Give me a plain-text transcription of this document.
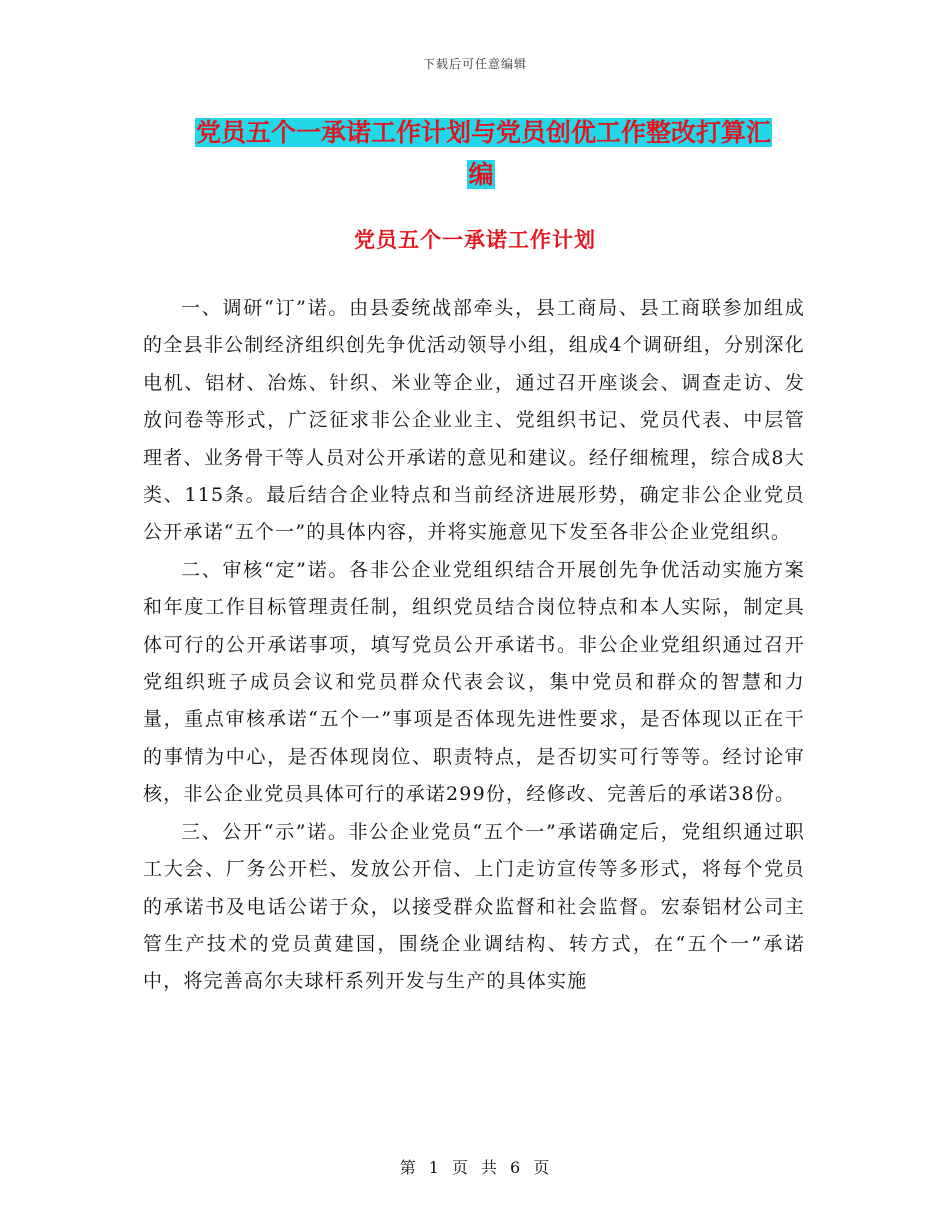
下载后可任意编辑
党员五个一承诺工作计划与党员创优工作整改打算汇
编
党员五个一承诺工作计划

一、调研“订”诺。由县委统战部牵头，县工商局、县工商联参加组成的全县非公制经济组织创先争优活动领导小组，组成4个调研组，分别深化电机、铝材、冶炼、针织、米业等企业，通过召开座谈会、调查走访、发放问卷等形式，广泛征求非公企业业主、党组织书记、党员代表、中层管理者、业务骨干等人员对公开承诺的意见和建议。经仔细梳理，综合成8大类、115条。最后结合企业特点和当前经济进展形势，确定非公企业党员公开承诺“五个一”的具体内容，并将实施意见下发至各非公企业党组织。

二、审核“定”诺。各非公企业党组织结合开展创先争优活动实施方案和年度工作目标管理责任制，组织党员结合岗位特点和本人实际，制定具体可行的公开承诺事项，填写党员公开承诺书。非公企业党组织通过召开党组织班子成员会议和党员群众代表会议，集中党员和群众的智慧和力量，重点审核承诺“五个一”事项是否体现先进性要求，是否体现以正在干的事情为中心，是否体现岗位、职责特点，是否切实可行等等。经讨论审核，非公企业党员具体可行的承诺299份，经修改、完善后的承诺38份。

三、公开“示”诺。非公企业党员“五个一”承诺确定后，党组织通过职工大会、厂务公开栏、发放公开信、上门走访宣传等多形式，将每个党员的承诺书及电话公诺于众，以接受群众监督和社会监督。宏泰铝材公司主管生产技术的党员黄建国，围绕企业调结构、转方式，在“五个一”承诺中，将完善高尔夫球杆系列开发与生产的具体实施

第 1 页 共 6 页
